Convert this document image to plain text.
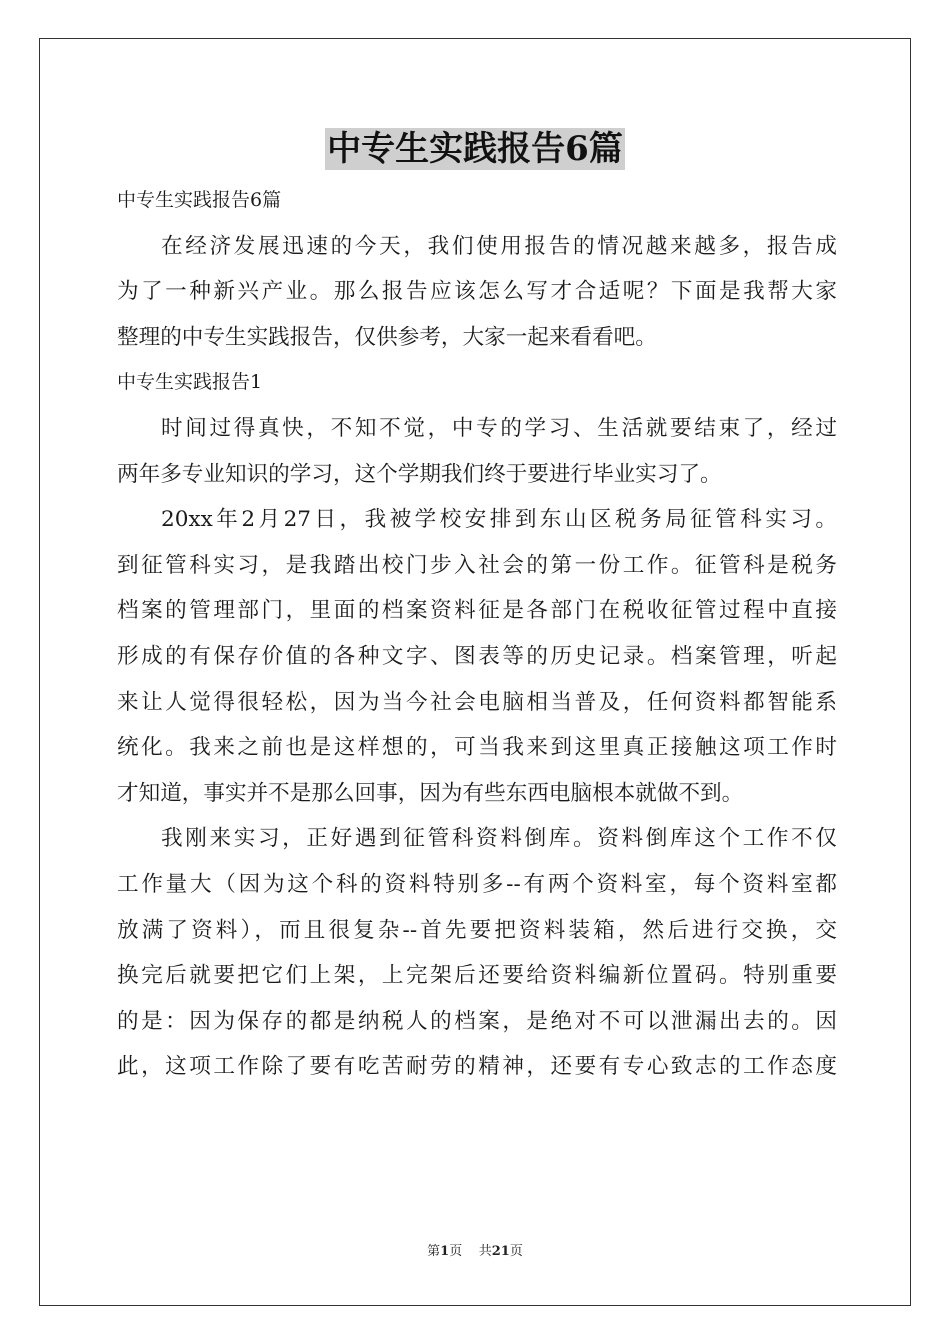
中专生实践报告6篇
中专生实践报告6篇
在经济发展迅速的今天，我们使用报告的情况越来越多，报告成
为了一种新兴产业。那么报告应该怎么写才合适呢？下面是我帮大家
整理的中专生实践报告，仅供参考，大家一起来看看吧。
中专生实践报告1
时间过得真快，不知不觉，中专的学习、生活就要结束了，经过
两年多专业知识的学习，这个学期我们终于要进行毕业实习了。
20xx年2月27日，我被学校安排到东山区税务局征管科实习。
到征管科实习，是我踏出校门步入社会的第一份工作。征管科是税务
档案的管理部门，里面的档案资料征是各部门在税收征管过程中直接
形成的有保存价值的各种文字、图表等的历史记录。档案管理，听起
来让人觉得很轻松，因为当今社会电脑相当普及，任何资料都智能系
统化。我来之前也是这样想的，可当我来到这里真正接触这项工作时
才知道，事实并不是那么回事，因为有些东西电脑根本就做不到。
我刚来实习，正好遇到征管科资料倒库。资料倒库这个工作不仅
工作量大（因为这个科的资料特别多--有两个资料室，每个资料室都
放满了资料），而且很复杂--首先要把资料装箱，然后进行交换，交
换完后就要把它们上架，上完架后还要给资料编新位置码。特别重要
的是：因为保存的都是纳税人的档案，是绝对不可以泄漏出去的。因
此，这项工作除了要有吃苦耐劳的精神，还要有专心致志的工作态度
第1页 共21页
